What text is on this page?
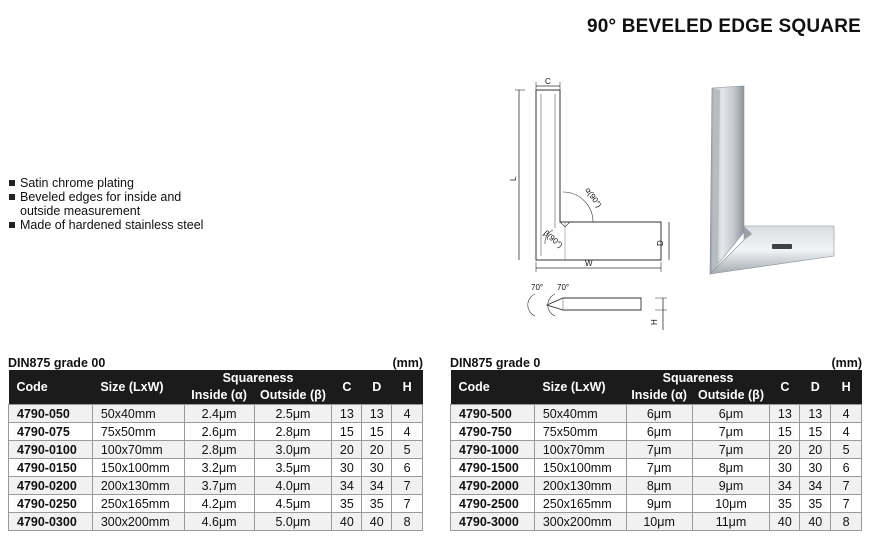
90° BEVELED EDGE SQUARE
Satin chrome plating
Beveled edges for inside and outside measurement
Made of hardened stainless steel
C
L
α(90°)
β(90°)
W
D
70° 70°
H
DIN875 grade 00	(mm)
Code	Size (LxW)	Squareness		C	D	H
		Inside (α)	Outside (β)			
4790-050	50x40mm	2.4μm	2.5μm	13	13	4
4790-075	75x50mm	2.6μm	2.8μm	15	15	4
4790-0100	100x70mm	2.8μm	3.0μm	20	20	5
4790-0150	150x100mm	3.2μm	3.5μm	30	30	6
4790-0200	200x130mm	3.7μm	4.0μm	34	34	7
4790-0250	250x165mm	4.2μm	4.5μm	35	35	7
4790-0300	300x200mm	4.6μm	5.0μm	40	40	8
DIN875 grade 0	(mm)
Code	Size (LxW)	Squareness		C	D	H
		Inside (α)	Outside (β)			
4790-500	50x40mm	6μm	6μm	13	13	4
4790-750	75x50mm	6μm	7μm	15	15	4
4790-1000	100x70mm	7μm	7μm	20	20	5
4790-1500	150x100mm	7μm	8μm	30	30	6
4790-2000	200x130mm	8μm	9μm	34	34	7
4790-2500	250x165mm	9μm	10μm	35	35	7
4790-3000	300x200mm	10μm	11μm	40	40	8
